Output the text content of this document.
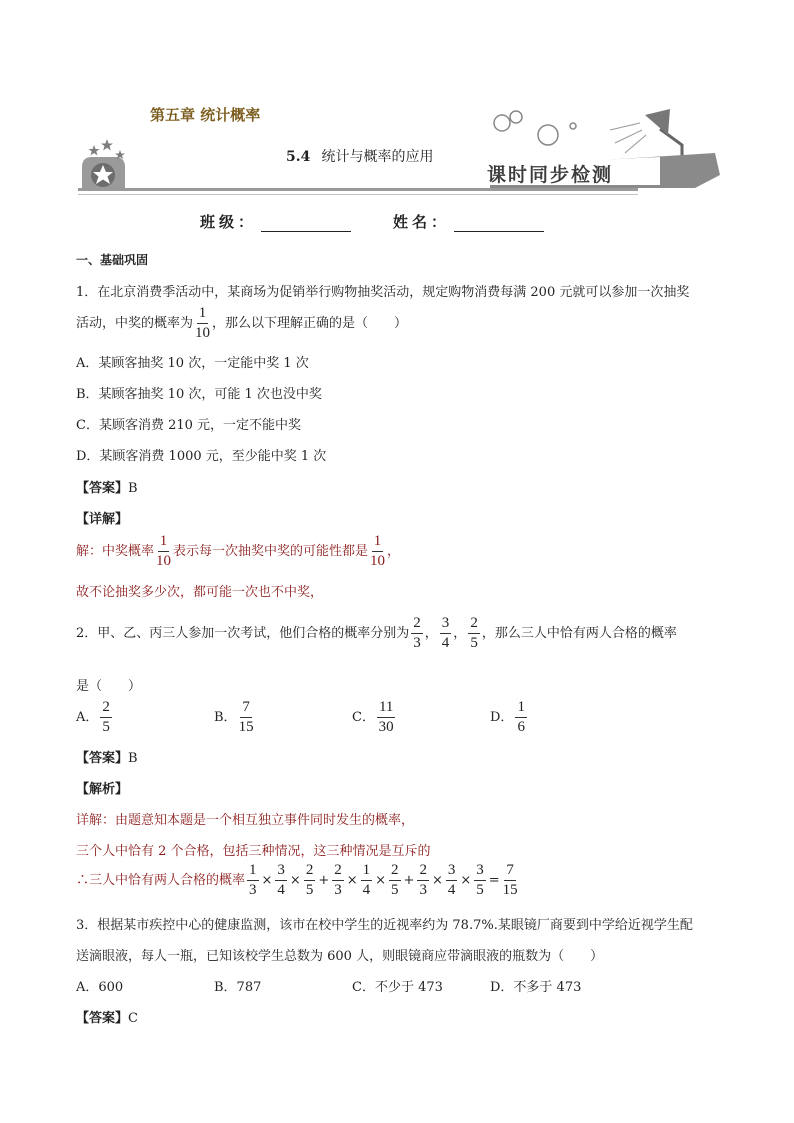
第五章 统计概率
5.4 统计与概率的应用
课时同步检测
班级：	姓名：
一、基础巩固
1．在北京消费季活动中，某商场为促销举行购物抽奖活动，规定购物消费每满 200 元就可以参加一次抽奖
活动，中奖的概率为 $\frac{1}{10}$ ，那么以下理解正确的是（　　）
A．某顾客抽奖 10 次，一定能中奖 1 次
B．某顾客抽奖 10 次，可能 1 次也没中奖
C．某顾客消费 210 元，一定不能中奖
D．某顾客消费 1000 元，至少能中奖 1 次
【答案】B
【详解】
解：中奖概率 $\frac{1}{10}$ 表示每一次抽奖中奖的可能性都是 $\frac{1}{10}$ ，
故不论抽奖多少次，都可能一次也不中奖，
2．甲、乙、丙三人参加一次考试，他们合格的概率分别为 $\frac{2}{3}$ ， $\frac{3}{4}$ ， $\frac{2}{5}$ ，那么三人中恰有两人合格的概率
是（　　）
A． $\frac{2}{5}$	B． $\frac{7}{15}$	C． $\frac{11}{30}$	D． $\frac{1}{6}$
【答案】B
【解析】
详解：由题意知本题是一个相互独立事件同时发生的概率，
三个人中恰有 2 个合格，包括三种情况，这三种情况是互斥的
∴三人中恰有两人合格的概率 $\frac{1}{3} \times \frac{3}{4} \times \frac{2}{5} + \frac{2}{3} \times \frac{1}{4} \times \frac{2}{5} + \frac{2}{3} \times \frac{3}{4} \times \frac{3}{5} = \frac{7}{15}$
3．根据某市疾控中心的健康监测，该市在校中学生的近视率约为 78.7%.某眼镜厂商要到中学给近视学生配
送滴眼液，每人一瓶，已知该校学生总数为 600 人，则眼镜商应带滴眼液的瓶数为（　　）
A．600	B．787	C．不少于 473	D．不多于 473
【答案】C
